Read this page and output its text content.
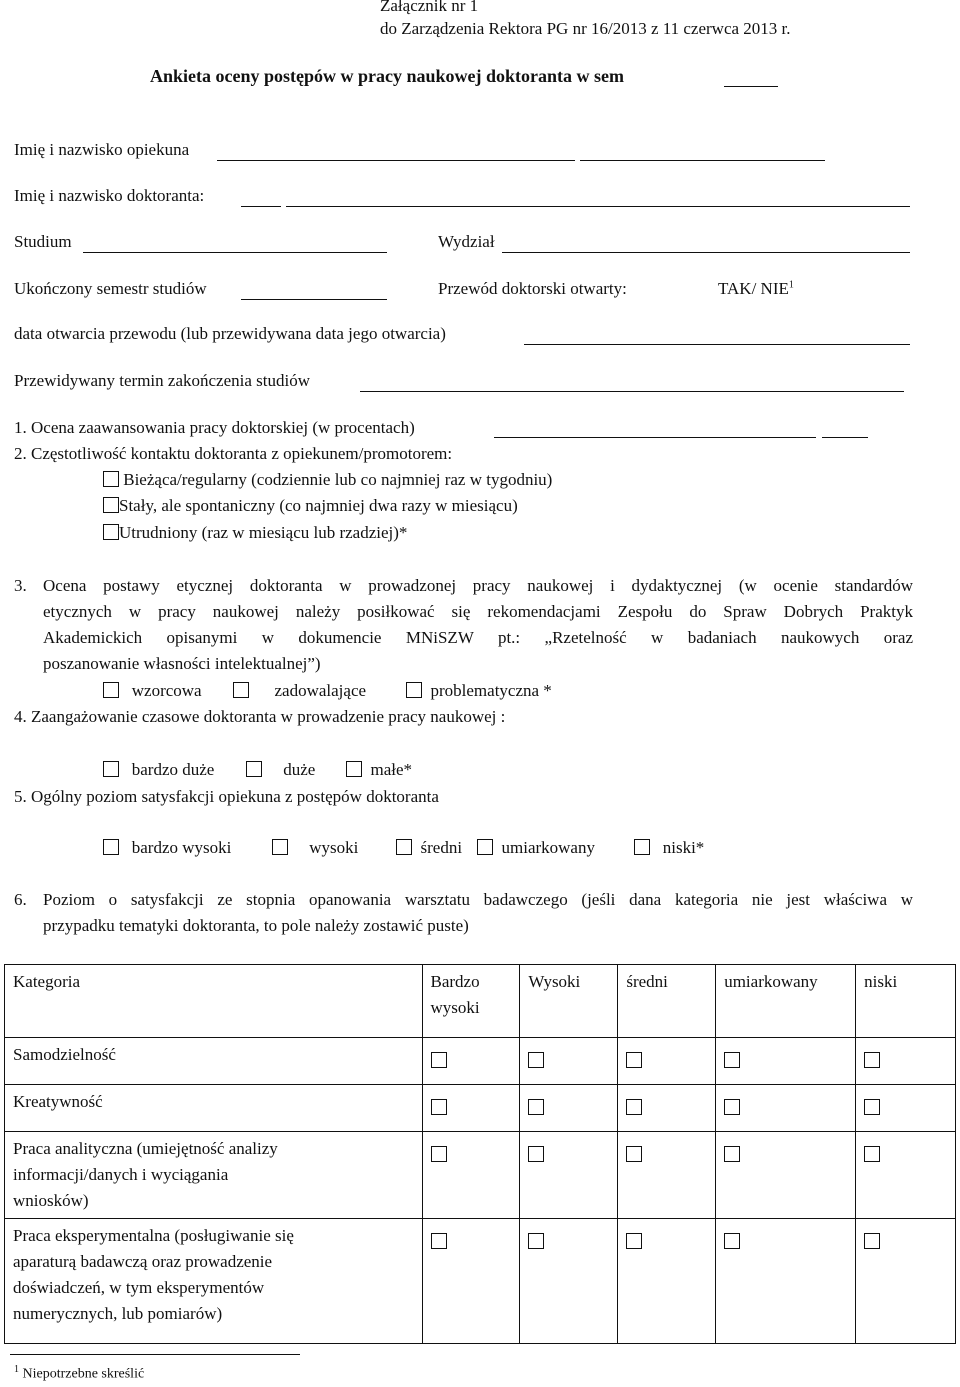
Załącznik nr 1
do Zarządzenia Rektora PG nr 16/2013 z 11 czerwca 2013 r.
Ankieta oceny postępów w pracy naukowej doktoranta w sem
Imię i nazwisko opiekuna
Imię i nazwisko doktoranta:
Studium	Wydział
Ukończony semestr studiów	Przewód doktorski otwarty:	TAK/ NIE$^1$
data otwarcia przewodu (lub przewidywana data jego otwarcia)
Przewidywany termin zakończenia studiów
1. Ocena zaawansowania pracy doktorskiej (w procentach)
2. Częstotliwość kontaktu doktoranta z opiekunem/promotorem:
Bieżąca/regularny (codziennie lub co najmniej raz w tygodniu)
Stały, ale spontaniczny (co najmniej dwa razy w miesiącu)
Utrudniony (raz w miesiącu lub rzadziej)*
3. Ocena postawy etycznej doktoranta w prowadzonej pracy naukowej i dydaktycznej (w ocenie standardów
etycznych w pracy naukowej należy posiłkować się rekomendacjami Zespołu do Spraw Dobrych Praktyk
Akademickich opisanymi w dokumencie MNiSZW pt.: „Rzetelność w badaniach naukowych oraz
poszanowanie własności intelektualnej”)
wzorcowa	zadowalające	problematyczna *
4. Zaangażowanie czasowe doktoranta w prowadzenie pracy naukowej :
bardzo duże	duże	małe*
5. Ogólny poziom satysfakcji opiekuna z postępów doktoranta
bardzo wysoki	wysoki	średni	umiarkowany	niski*
6. Poziom o satysfakcji ze stopnia opanowania warsztatu badawczego (jeśli dana kategoria nie jest właściwa w
przypadku tematyki doktoranta, to pole należy zostawić puste)
Kategoria	Bardzo wysoki	Wysoki	średni	umiarkowany	niski
Samodzielność					
Kreatywność					
Praca analityczna (umiejętność analizy informacji/danych i wyciągania wniosków)					
Praca eksperymentalna (posługiwanie się aparaturą badawczą oraz prowadzenie doświadczeń, w tym eksperymentów numerycznych, lub pomiarów)					
$^1$ Niepotrzebne skreślić
